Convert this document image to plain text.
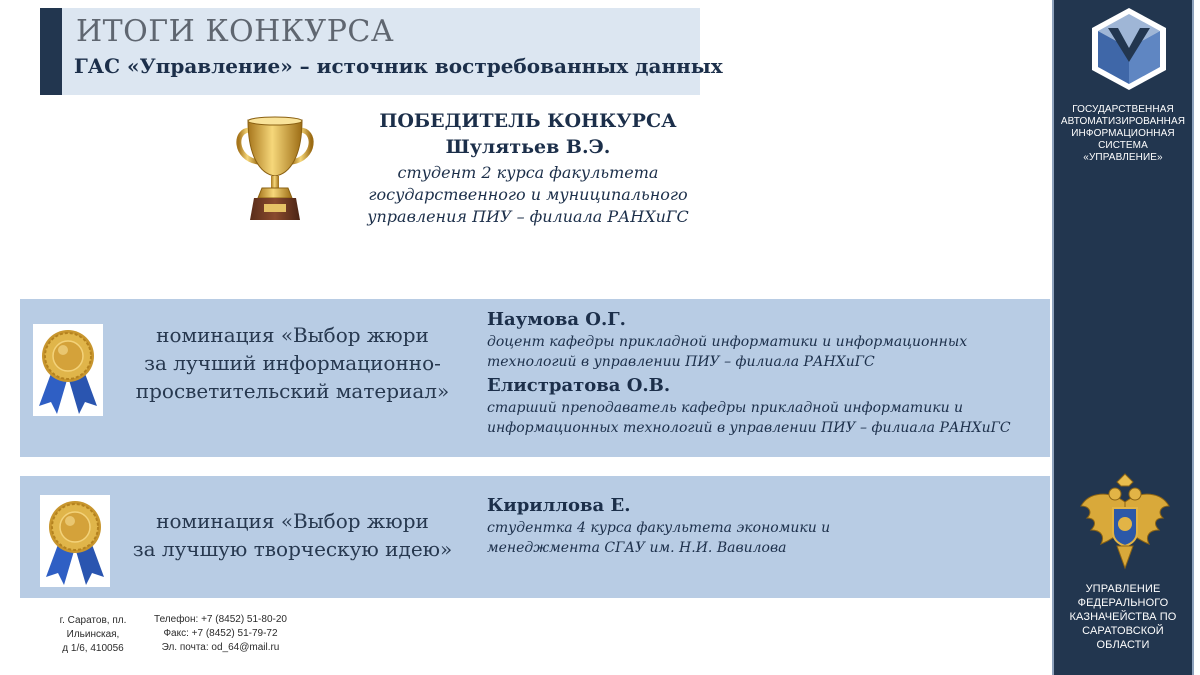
ИТОГИ КОНКУРСА
ГАС «Управление» – источник востребованных данных
ПОБЕДИТЕЛЬ КОНКУРСА
Шулятьев В.Э.
студент 2 курса факультета
государственного и муниципального
управления ПИУ – филиала РАНХиГС
номинация «Выбор жюри
за лучший информационно-
просветительский материал»
Наумова О.Г.
доцент кафедры прикладной информатики и информационных
технологий в управлении ПИУ – филиала РАНХиГС
Елистратова О.В.
старший преподаватель кафедры прикладной информатики и
информационных технологий в управлении ПИУ – филиала РАНХиГС
номинация «Выбор жюри
за лучшую творческую идею»
Кириллова Е.
студентка 4 курса факультета экономики и
менеджмента СГАУ им. Н.И. Вавилова
г. Саратов, пл.
Ильинская,
д 1/6, 410056
Телефон: +7 (8452) 51-80-20
Факс: +7 (8452) 51-79-72
Эл. почта: od_64@mail.ru
ГОСУДАРСТВЕННАЯ
АВТОМАТИЗИРОВАННАЯ
ИНФОРМАЦИОННАЯ
СИСТЕМА
«УПРАВЛЕНИЕ»
УПРАВЛЕНИЕ
ФЕДЕРАЛЬНОГО
КАЗНАЧЕЙСТВА ПО
САРАТОВСКОЙ
ОБЛАСТИ
